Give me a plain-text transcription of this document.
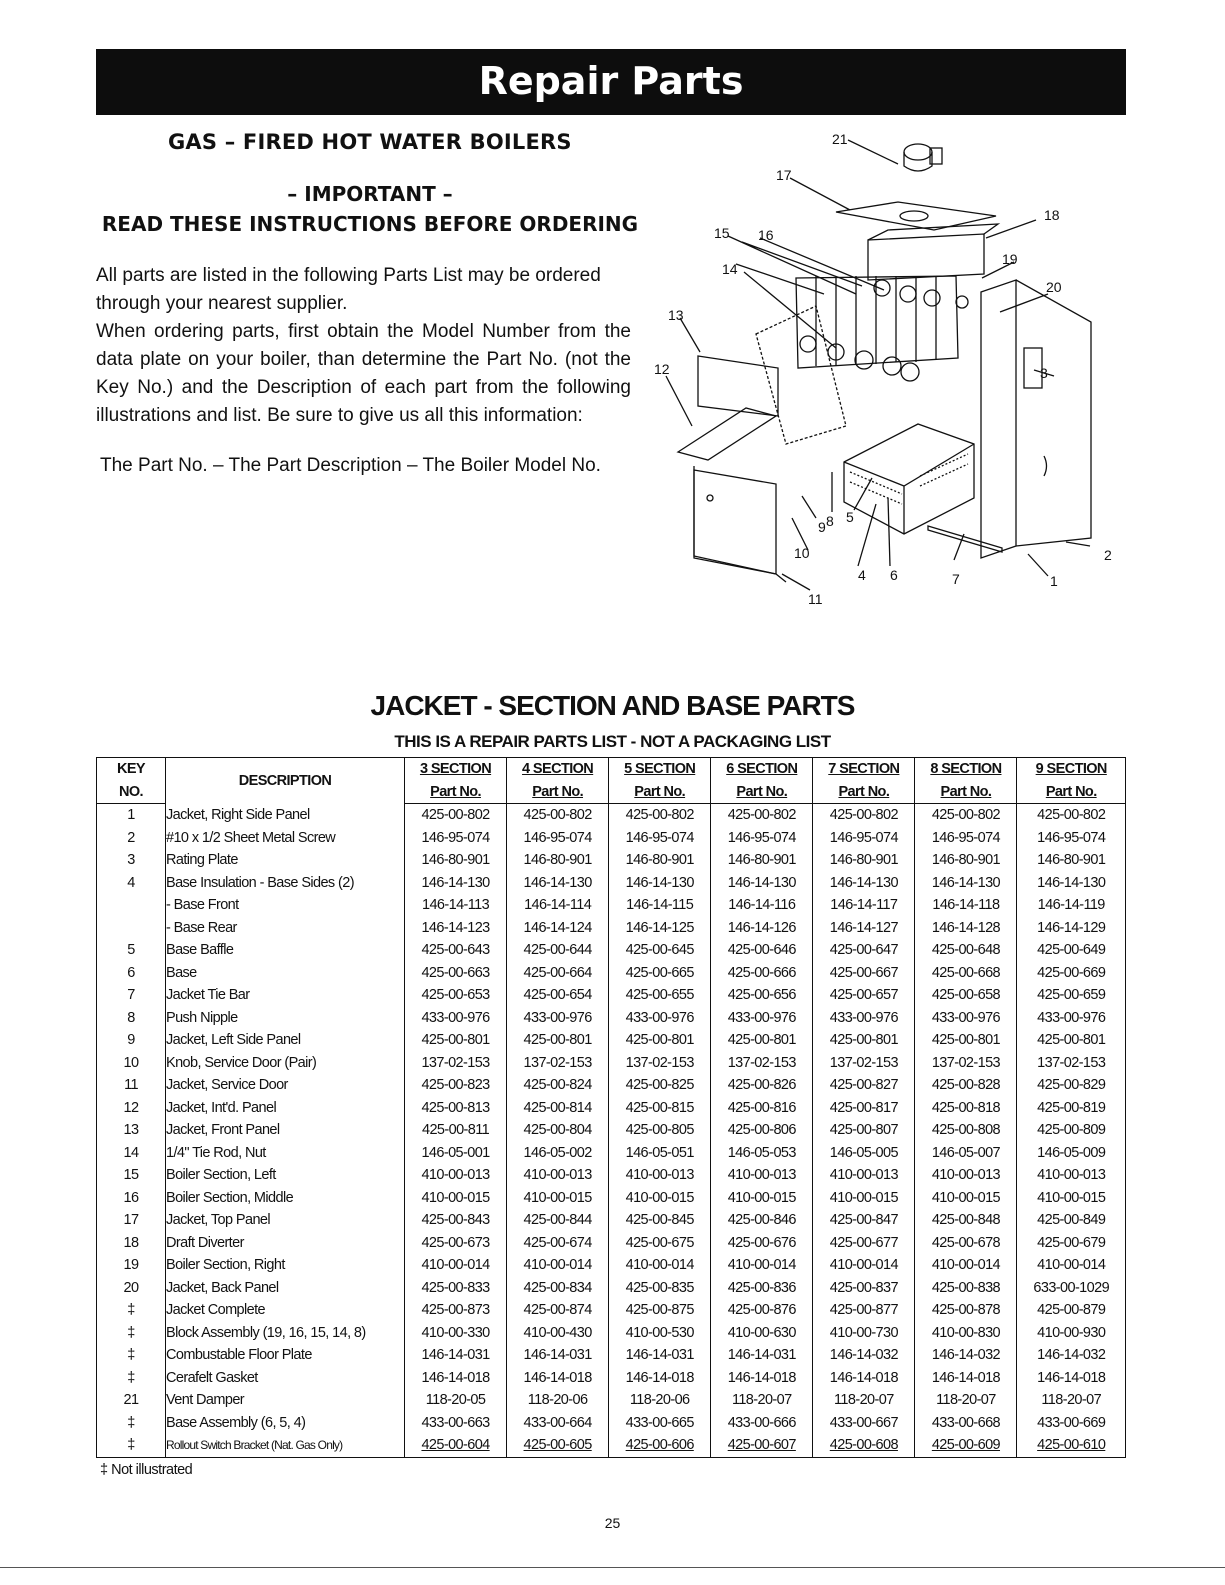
Repair Parts
GAS – FIRED HOT WATER BOILERS
– IMPORTANT –
READ THESE INSTRUCTIONS BEFORE ORDERING
All parts are listed in the following Parts List may be ordered through your nearest supplier.
When ordering parts, first obtain the Model Number from the data plate on your boiler, than determine the Part No. (not the Key No.) and the Description of each part from the following illustrations and list. Be sure to give us all this information:
The Part No. – The Part Description – The Boiler Model No.
21
17
18
15 16
19
14
20
13
12	3
9 8 5
10
4 6	7	1
2
11
JACKET - SECTION AND BASE PARTS
THIS IS A REPAIR PARTS LIST - NOT A PACKAGING LIST
KEY	DESCRIPTION	3 SECTION	4 SECTION	5 SECTION	6 SECTION	7 SECTION	8 SECTION	9 SECTION
NO.		Part No.	Part No.	Part No.	Part No.	Part No.	Part No.	Part No.
1	Jacket, Right Side Panel	425-00-802	425-00-802	425-00-802	425-00-802	425-00-802	425-00-802	425-00-802
2	#10 x 1/2 Sheet Metal Screw	146-95-074	146-95-074	146-95-074	146-95-074	146-95-074	146-95-074	146-95-074
3	Rating Plate	146-80-901	146-80-901	146-80-901	146-80-901	146-80-901	146-80-901	146-80-901
4	Base Insulation - Base Sides (2)	146-14-130	146-14-130	146-14-130	146-14-130	146-14-130	146-14-130	146-14-130
	- Base Front	146-14-113	146-14-114	146-14-115	146-14-116	146-14-117	146-14-118	146-14-119
	- Base Rear	146-14-123	146-14-124	146-14-125	146-14-126	146-14-127	146-14-128	146-14-129
5	Base Baffle	425-00-643	425-00-644	425-00-645	425-00-646	425-00-647	425-00-648	425-00-649
6	Base	425-00-663	425-00-664	425-00-665	425-00-666	425-00-667	425-00-668	425-00-669
7	Jacket Tie Bar	425-00-653	425-00-654	425-00-655	425-00-656	425-00-657	425-00-658	425-00-659
8	Push Nipple	433-00-976	433-00-976	433-00-976	433-00-976	433-00-976	433-00-976	433-00-976
9	Jacket, Left Side Panel	425-00-801	425-00-801	425-00-801	425-00-801	425-00-801	425-00-801	425-00-801
10	Knob, Service Door (Pair)	137-02-153	137-02-153	137-02-153	137-02-153	137-02-153	137-02-153	137-02-153
11	Jacket, Service Door	425-00-823	425-00-824	425-00-825	425-00-826	425-00-827	425-00-828	425-00-829
12	Jacket, Int'd. Panel	425-00-813	425-00-814	425-00-815	425-00-816	425-00-817	425-00-818	425-00-819
13	Jacket, Front Panel	425-00-811	425-00-804	425-00-805	425-00-806	425-00-807	425-00-808	425-00-809
14	1/4" Tie Rod, Nut	146-05-001	146-05-002	146-05-051	146-05-053	146-05-005	146-05-007	146-05-009
15	Boiler Section, Left	410-00-013	410-00-013	410-00-013	410-00-013	410-00-013	410-00-013	410-00-013
16	Boiler Section, Middle	410-00-015	410-00-015	410-00-015	410-00-015	410-00-015	410-00-015	410-00-015
17	Jacket, Top Panel	425-00-843	425-00-844	425-00-845	425-00-846	425-00-847	425-00-848	425-00-849
18	Draft Diverter	425-00-673	425-00-674	425-00-675	425-00-676	425-00-677	425-00-678	425-00-679
19	Boiler Section, Right	410-00-014	410-00-014	410-00-014	410-00-014	410-00-014	410-00-014	410-00-014
20	Jacket, Back Panel	425-00-833	425-00-834	425-00-835	425-00-836	425-00-837	425-00-838	633-00-1029
‡	Jacket Complete	425-00-873	425-00-874	425-00-875	425-00-876	425-00-877	425-00-878	425-00-879
‡	Block Assembly (19, 16, 15, 14, 8)	410-00-330	410-00-430	410-00-530	410-00-630	410-00-730	410-00-830	410-00-930
‡	Combustable Floor Plate	146-14-031	146-14-031	146-14-031	146-14-031	146-14-032	146-14-032	146-14-032
‡	Cerafelt Gasket	146-14-018	146-14-018	146-14-018	146-14-018	146-14-018	146-14-018	146-14-018
21	Vent Damper	118-20-05	118-20-06	118-20-06	118-20-07	118-20-07	118-20-07	118-20-07
‡	Base Assembly (6, 5, 4)	433-00-663	433-00-664	433-00-665	433-00-666	433-00-667	433-00-668	433-00-669
‡	Rollout Switch Bracket (Nat. Gas Only)	425-00-604	425-00-605	425-00-606	425-00-607	425-00-608	425-00-609	425-00-610
‡ Not illustrated
25
